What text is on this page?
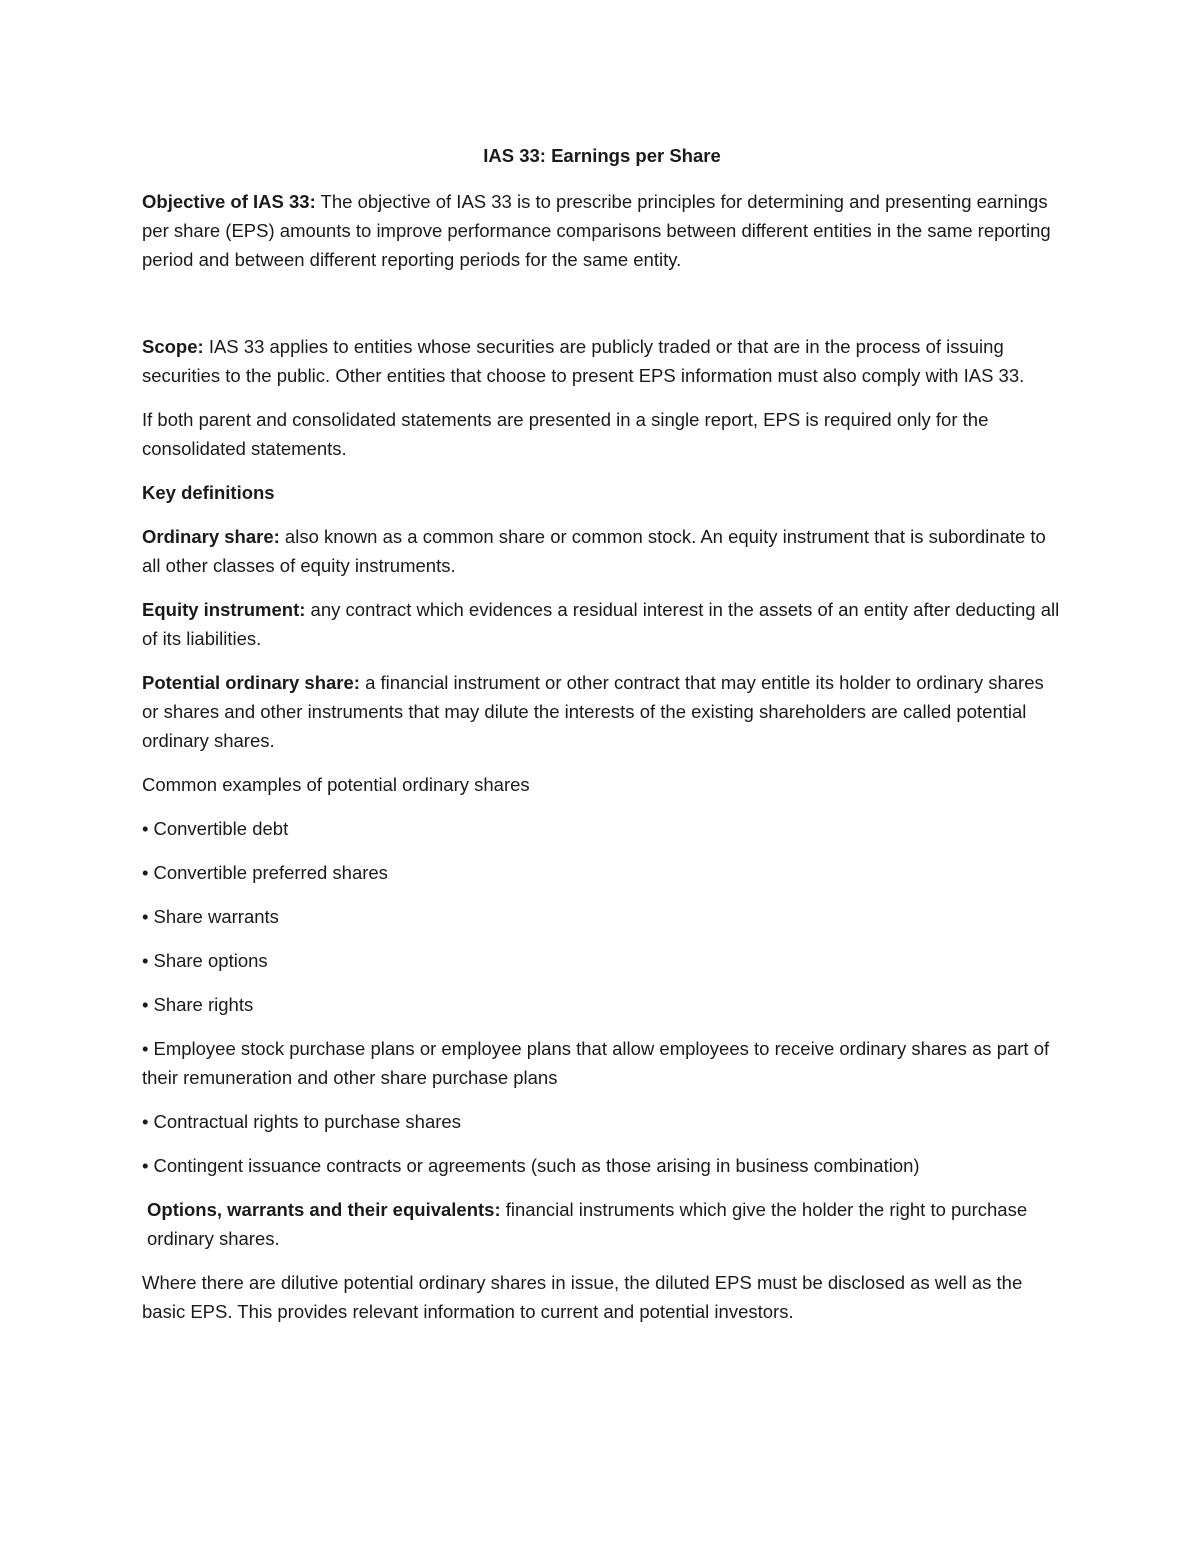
IAS 33: Earnings per Share

Objective of IAS 33: The objective of IAS 33 is to prescribe principles for determining and presenting earnings per share (EPS) amounts to improve performance comparisons between different entities in the same reporting period and between different reporting periods for the same entity.

Scope: IAS 33 applies to entities whose securities are publicly traded or that are in the process of issuing securities to the public. Other entities that choose to present EPS information must also comply with IAS 33.

If both parent and consolidated statements are presented in a single report, EPS is required only for the consolidated statements.

Key definitions

Ordinary share: also known as a common share or common stock. An equity instrument that is subordinate to all other classes of equity instruments.

Equity instrument: any contract which evidences a residual interest in the assets of an entity after deducting all of its liabilities.

Potential ordinary share: a financial instrument or other contract that may entitle its holder to ordinary shares or shares and other instruments that may dilute the interests of the existing shareholders are called potential ordinary shares.

Common examples of potential ordinary shares

• Convertible debt

• Convertible preferred shares

• Share warrants

• Share options

• Share rights

• Employee stock purchase plans or employee plans that allow employees to receive ordinary shares as part of their remuneration and other share purchase plans

• Contractual rights to purchase shares

• Contingent issuance contracts or agreements (such as those arising in business combination)

Options, warrants and their equivalents: financial instruments which give the holder the right to purchase ordinary shares.

Where there are dilutive potential ordinary shares in issue, the diluted EPS must be disclosed as well as the basic EPS. This provides relevant information to current and potential investors.
